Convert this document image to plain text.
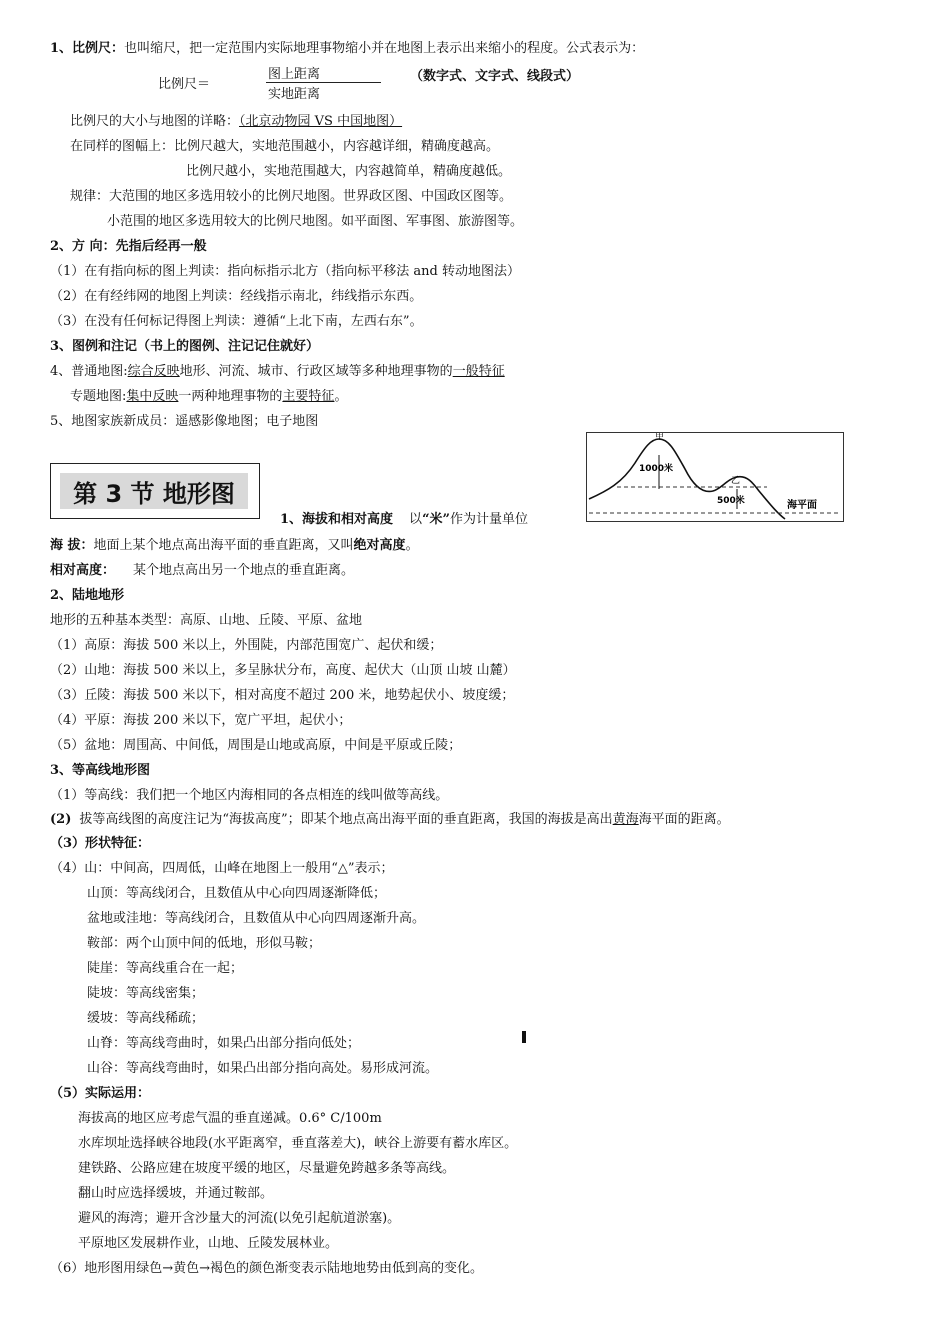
1、比例尺：也叫缩尺，把一定范围内实际地理事物缩小并在地图上表示出来缩小的程度。公式表示为：
比例尺＝
图上距离
实地距离
（数字式、文字式、线段式）
比例尺的大小与地图的详略：（北京动物园 VS 中国地图）
在同样的图幅上：比例尺越大，实地范围越小，内容越详细，精确度越高。
比例尺越小，实地范围越大，内容越简单，精确度越低。
规律：大范围的地区多选用较小的比例尺地图。世界政区图、中国政区图等。
小范围的地区多选用较大的比例尺地图。如平面图、军事图、旅游图等。
2、方 向：先指后经再一般
（1）在有指向标的图上判读：指向标指示北方（指向标平移法 and 转动地图法）
（2）在有经纬网的地图上判读：经线指示南北，纬线指示东西。
（3）在没有任何标记得图上判读：遵循“上北下南，左西右东”。
3、图例和注记（书上的图例、注记记住就好）
4、普通地图:综合反映地形、河流、城市、行政区域等多种地理事物的一般特征
专题地图:集中反映一两种地理事物的主要特征。
5、地图家族新成员：遥感影像地图；电子地图
第 3 节 地形图
甲
1000米
乙
500米	海平面
1、海拔和相对高度 以“米”作为计量单位
海 拔：地面上某个地点高出海平面的垂直距离，又叫绝对高度。
相对高度： 某个地点高出另一个地点的垂直距离。
2、陆地地形
地形的五种基本类型：高原、山地、丘陵、平原、盆地
（1）高原：海拔 500 米以上，外围陡，内部范围宽广、起伏和缓；
（2）山地：海拔 500 米以上，多呈脉状分布，高度、起伏大（山顶 山坡 山麓）
（3）丘陵：海拔 500 米以下，相对高度不超过 200 米，地势起伏小、坡度缓；
（4）平原：海拔 200 米以下，宽广平坦，起伏小；
（5）盆地：周围高、中间低，周围是山地或高原，中间是平原或丘陵；
3、等高线地形图
（1）等高线：我们把一个地区内海相同的各点相连的线叫做等高线。
(2) 拔等高线图的高度注记为“海拔高度”；即某个地点高出海平面的垂直距离，我国的海拔是高出黄海海平面的距离。
（3）形状特征：
（4）山：中间高，四周低，山峰在地图上一般用“△”表示；
山顶：等高线闭合，且数值从中心向四周逐渐降低；
盆地或洼地：等高线闭合，且数值从中心向四周逐渐升高。
鞍部：两个山顶中间的低地，形似马鞍；
陡崖：等高线重合在一起；
陡坡：等高线密集；
缓坡：等高线稀疏；
山脊：等高线弯曲时，如果凸出部分指向低处；
山谷：等高线弯曲时，如果凸出部分指向高处。易形成河流。
（5）实际运用：
海拔高的地区应考虑气温的垂直递减。0.6° C/100m
水库坝址选择峡谷地段(水平距离窄，垂直落差大)，峡谷上游要有蓄水库区。
建铁路、公路应建在坡度平缓的地区，尽量避免跨越多条等高线。
翻山时应选择缓坡，并通过鞍部。
避风的海湾；避开含沙量大的河流(以免引起航道淤塞)。
平原地区发展耕作业，山地、丘陵发展林业。
（6）地形图用绿色→黄色→褐色的颜色渐变表示陆地地势由低到高的变化。
